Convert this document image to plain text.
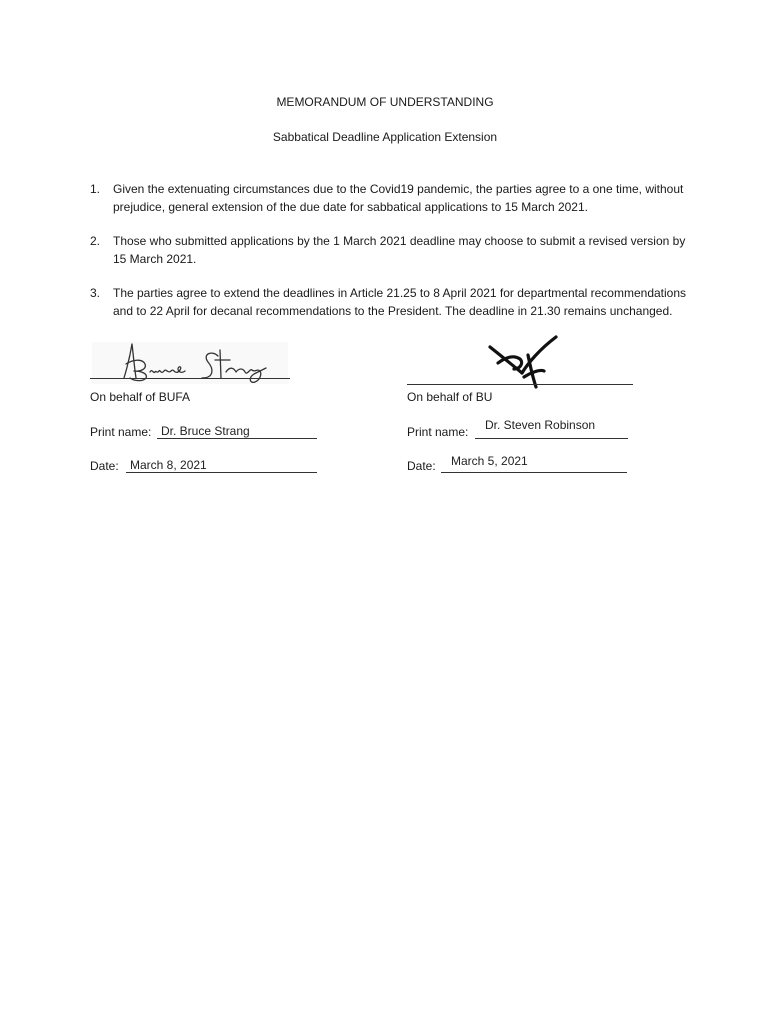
MEMORANDUM OF UNDERSTANDING
Sabbatical Deadline Application Extension
1. Given the extenuating circumstances due to the Covid19 pandemic, the parties agree to a one time, without prejudice, general extension of the due date for sabbatical applications to 15 March 2021.
2. Those who submitted applications by the 1 March 2021 deadline may choose to submit a revised version by 15 March 2021.
3. The parties agree to extend the deadlines in Article 21.25 to 8 April 2021 for departmental recommendations and to 22 April for decanal recommendations to the President. The deadline in 21.30 remains unchanged.
On behalf of BUFA
Print name: Dr. Bruce Strang
Date: March 8, 2021
On behalf of BU
Print name: Dr. Steven Robinson
Date: March 5, 2021
